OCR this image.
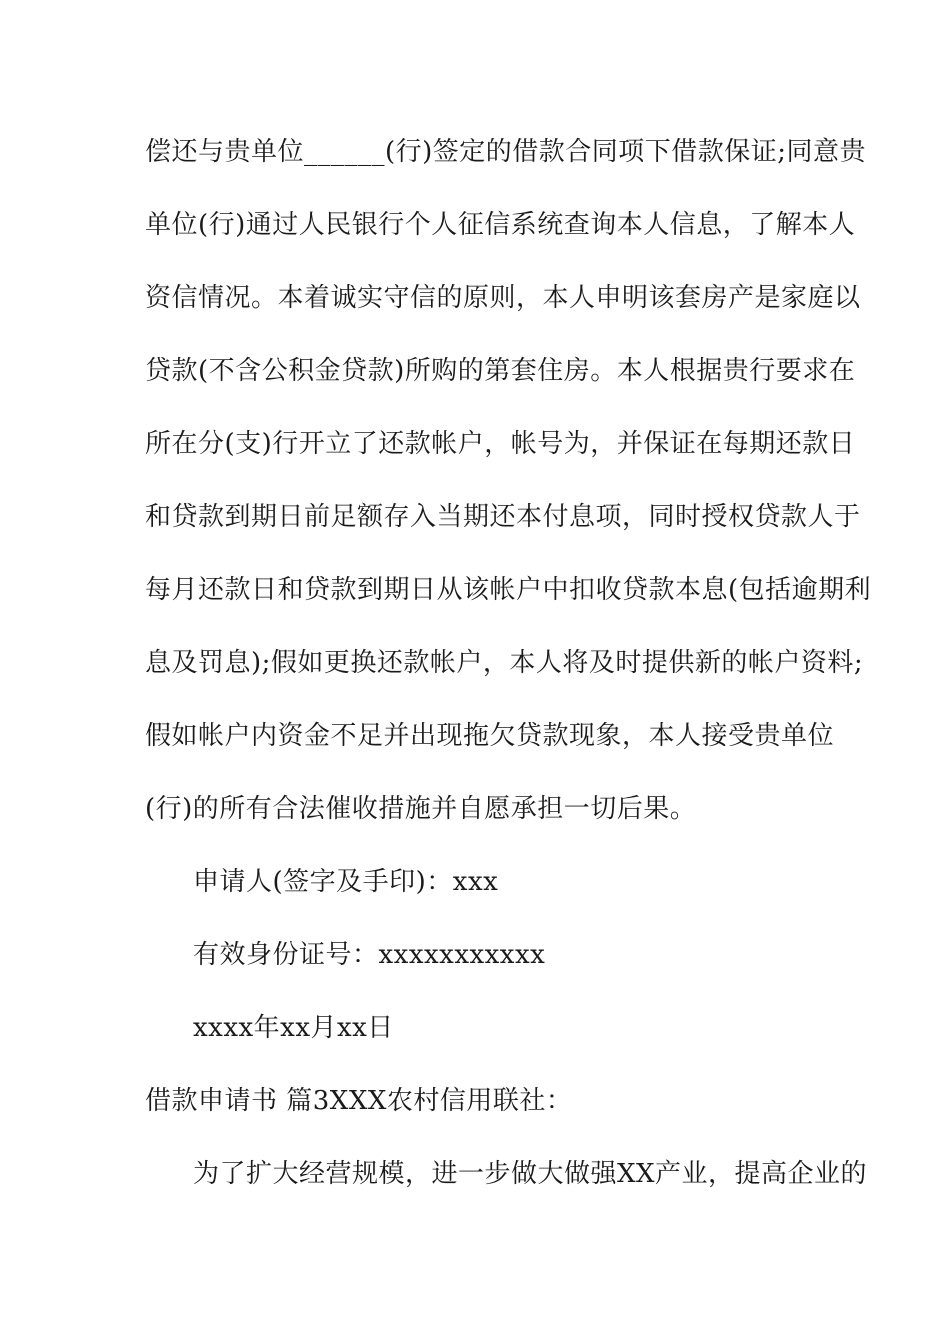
偿还与贵单位______(行)签定的借款合同项下借款保证;同意贵
单位(行)通过人民银行个人征信系统查询本人信息，了解本人
资信情况。本着诚实守信的原则，本人申明该套房产是家庭以
贷款(不含公积金贷款)所购的第套住房。本人根据贵行要求在
所在分(支)行开立了还款帐户，帐号为，并保证在每期还款日
和贷款到期日前足额存入当期还本付息项，同时授权贷款人于
每月还款日和贷款到期日从该帐户中扣收贷款本息(包括逾期利
息及罚息);假如更换还款帐户，本人将及时提供新的帐户资料;
假如帐户内资金不足并出现拖欠贷款现象，本人接受贵单位
(行)的所有合法催收措施并自愿承担一切后果。
申请人(签字及手印)：xxx
有效身份证号：xxxxxxxxxxx
xxxx年xx月xx日
借款申请书 篇3XXX农村信用联社：
为了扩大经营规模，进一步做大做强XX产业，提高企业的
